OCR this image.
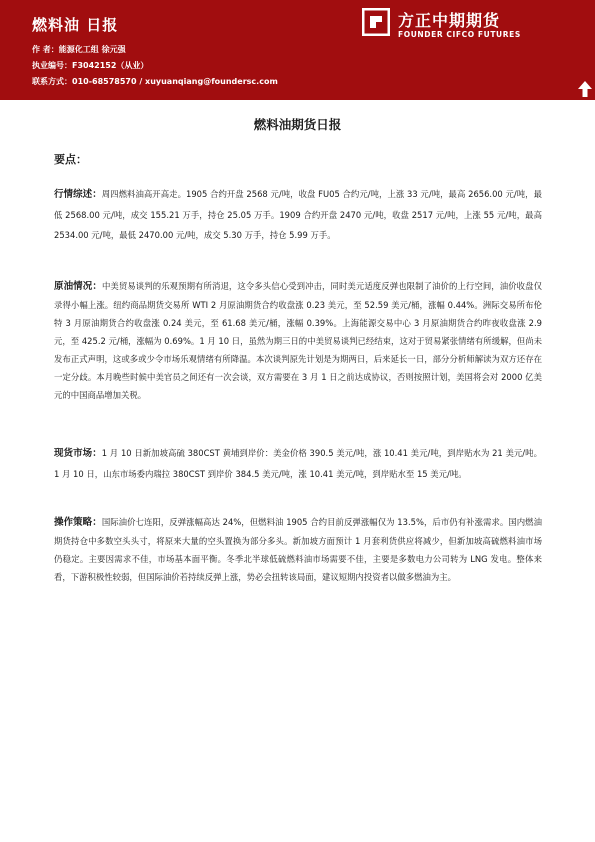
燃料油 日报
作 者：能源化工组 徐元强
执业编号：F3042152（从业）
联系方式：010-68578570 / xuyuanqiang@foundersc.com
方正中期期货
FOUNDER CIFCO FUTURES
燃料油期货日报
要点：
行情综述：周四燃料油高开高走。1905 合约开盘 2568 元/吨，收盘 FU05 合约元/吨，上涨 33 元/吨，最高 2656.00 元/吨，最低 2568.00 元/吨，成交 155.21 万手，持仓 25.05 万手。1909 合约开盘 2470 元/吨，收盘 2517 元/吨，上涨 55 元/吨，最高 2534.00 元/吨，最低 2470.00 元/吨，成交 5.30 万手，持仓 5.99 万手。
原油情况：中美贸易谈判的乐观预期有所消退，这令多头信心受到冲击，同时美元适度反弹也限制了油价的上行空间，油价收盘仅录得小幅上涨。纽约商品期货交易所 WTI 2 月原油期货合约收盘涨 0.23 美元，至 52.59 美元/桶，涨幅 0.44%。洲际交易所布伦特 3 月原油期货合约收盘涨 0.24 美元，至 61.68 美元/桶，涨幅 0.39%。上海能源交易中心 3 月原油期货合约昨夜收盘涨 2.9 元，至 425.2 元/桶，涨幅为 0.69%。1 月 10 日，虽然为期三日的中美贸易谈判已经结束，这对于贸易紧张情绪有所缓解，但尚未发布正式声明，这或多或少令市场乐观情绪有所降温。本次谈判原先计划是为期两日，后来延长一日，部分分析师解读为双方还存在一定分歧。本月晚些时候中美官员之间还有一次会谈，双方需要在 3 月 1 日之前达成协议，否则按照计划，美国将会对 2000 亿美元的中国商品增加关税。
现货市场：1 月 10 日新加坡高硫 380CST 黄埔到岸价：美金价格 390.5 美元/吨，涨 10.41 美元/吨，到岸贴水为 21 美元/吨。1 月 10 日，山东市场委内瑞拉 380CST 到岸价 384.5 美元/吨，涨 10.41 美元/吨，到岸贴水至 15 美元/吨。
操作策略：国际油价七连阳，反弹涨幅高达 24%，但燃料油 1905 合约目前反弹涨幅仅为 13.5%，后市仍有补涨需求。国内燃油期货持仓中多数空头头寸，将原来大量的空头置换为部分多头。新加坡方面预计 1 月套利货供应将减少，但新加坡高硫燃料油市场仍稳定。主要因需求不佳，市场基本面平衡。冬季北半球低硫燃料油市场需要不佳，主要是多数电力公司转为 LNG 发电。整体来看，下游积极性较弱，但国际油价若持续反弹上涨，势必会扭转该局面，建议短期内投资者以做多燃油为主。
